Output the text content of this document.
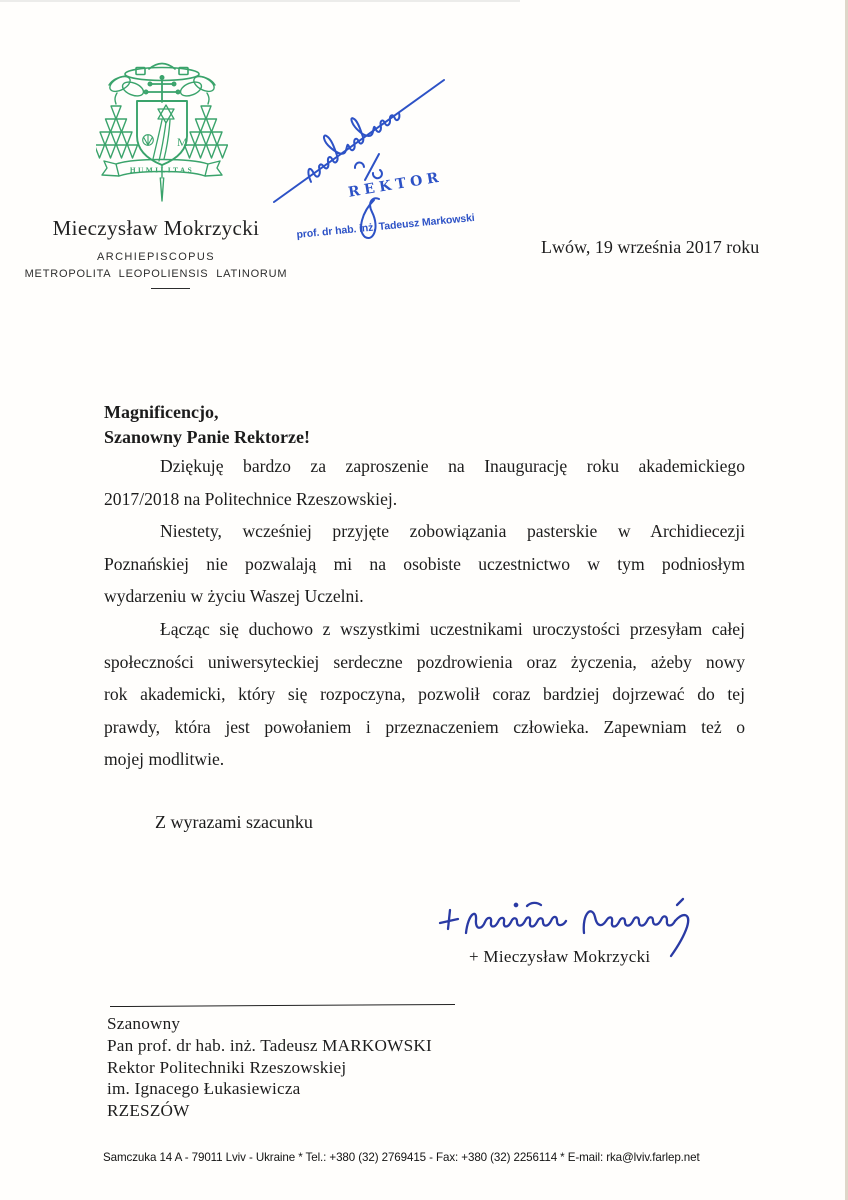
M
HUMILITAS
Mieczysław Mokrzycki
ARCHIEPISCOPUS
METROPOLITA LEOPOLIENSIS LATINORUM
REKTOR
prof. dr hab. inż. Tadeusz Markowski
Lwów, 19 września 2017 roku
Magnificencjo,
Szanowny Panie Rektorze!
Dziękuję bardzo za zaproszenie na Inaugurację roku akademickiego
2017/2018 na Politechnice Rzeszowskiej.
Niestety, wcześniej przyjęte zobowiązania pasterskie w Archidiecezji
Poznańskiej nie pozwalają mi na osobiste uczestnictwo w tym podniosłym
wydarzeniu w życiu Waszej Uczelni.
Łącząc się duchowo z wszystkimi uczestnikami uroczystości przesyłam całej
społeczności uniwersyteckiej serdeczne pozdrowienia oraz życzenia, ażeby nowy
rok akademicki, który się rozpoczyna, pozwolił coraz bardziej dojrzewać do tej
prawdy, która jest powołaniem i przeznaczeniem człowieka. Zapewniam też o
mojej modlitwie.
Z wyrazami szacunku
+ Mieczysław Mokrzycki
Szanowny
Pan prof. dr hab. inż. Tadeusz MARKOWSKI
Rektor Politechniki Rzeszowskiej
im. Ignacego Łukasiewicza
RZESZÓW
Samczuka 14 A - 79011 Lviv - Ukraine * Tel.: +380 (32) 2769415 - Fax: +380 (32) 2256114 * E-mail: rka@lviv.farlep.net
